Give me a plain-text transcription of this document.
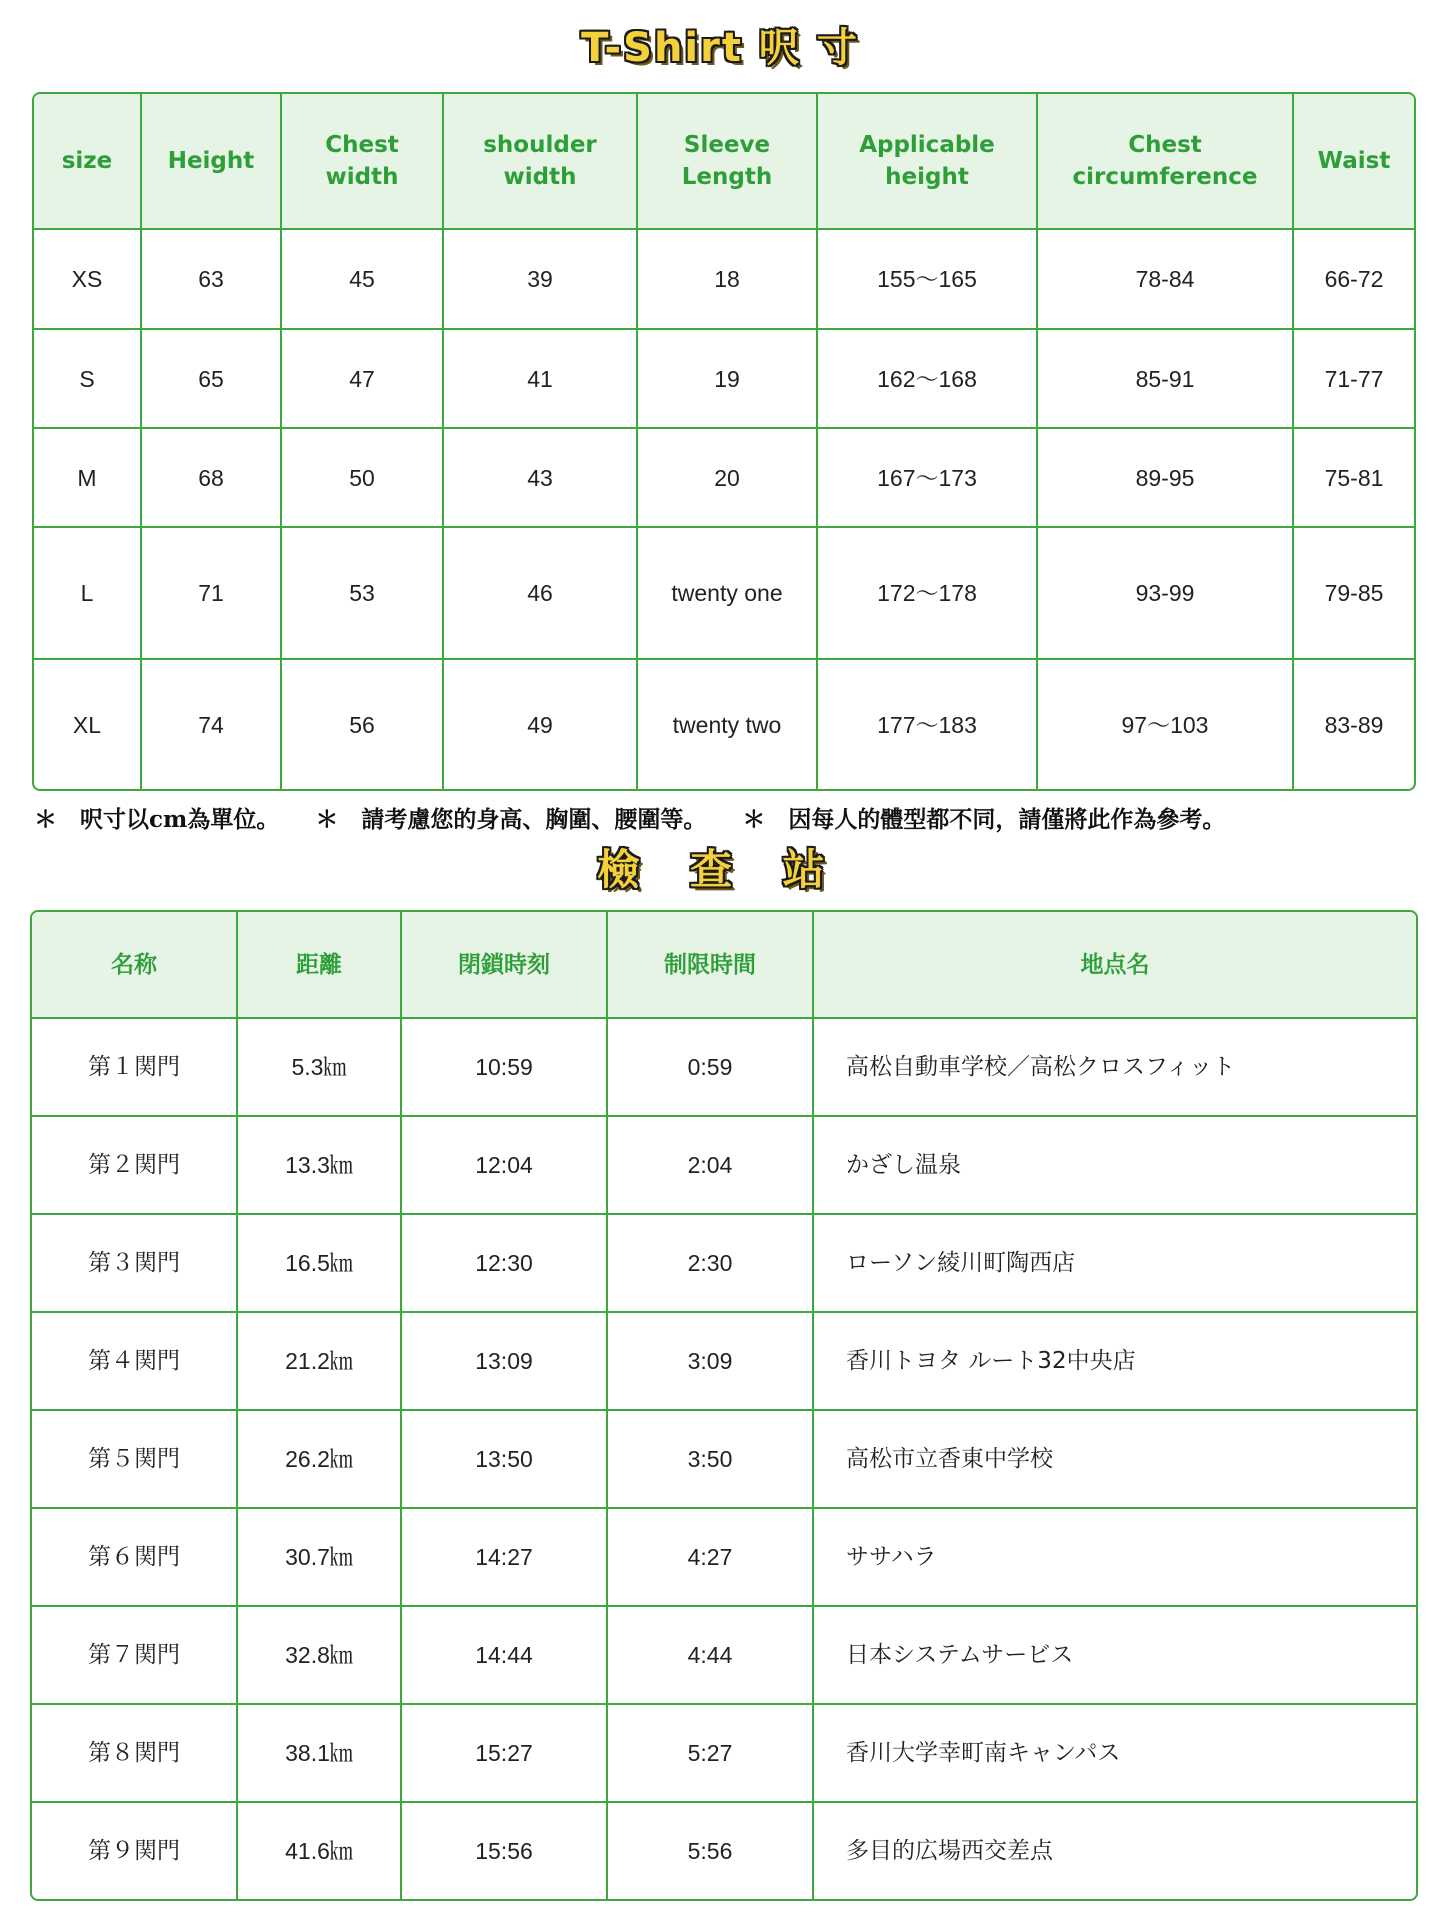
T-Shirt 呎 寸
size	Height	Chest width	shoulder width	Sleeve Length	Applicable height	Chest circumference	Waist
XS	63	45	39	18	155～165	78-84	66-72
S	65	47	41	19	162～168	85-91	71-77
M	68	50	43	20	167～173	89-95	75-81
L	71	53	46	twenty one	172～178	93-99	79-85
XL	74	56	49	twenty two	177～183	97～103	83-89
＊　呎寸以cm為單位。 ＊　請考慮您的身高、胸圍、腰圍等。 ＊　因每人的體型都不同，請僅將此作為參考。
檢 查 站
名称	距離	閉鎖時刻	制限時間	地点名
第１関門	5.3㎞	10:59	0:59	高松自動車学校／高松クロスフィット
第２関門	13.3㎞	12:04	2:04	かざし温泉
第３関門	16.5㎞	12:30	2:30	ローソン綾川町陶西店
第４関門	21.2㎞	13:09	3:09	香川トヨタ ルート32中央店
第５関門	26.2㎞	13:50	3:50	高松市立香東中学校
第６関門	30.7㎞	14:27	4:27	ササハラ
第７関門	32.8㎞	14:44	4:44	日本システムサービス
第８関門	38.1㎞	15:27	5:27	香川大学幸町南キャンパス
第９関門	41.6㎞	15:56	5:56	多目的広場西交差点
